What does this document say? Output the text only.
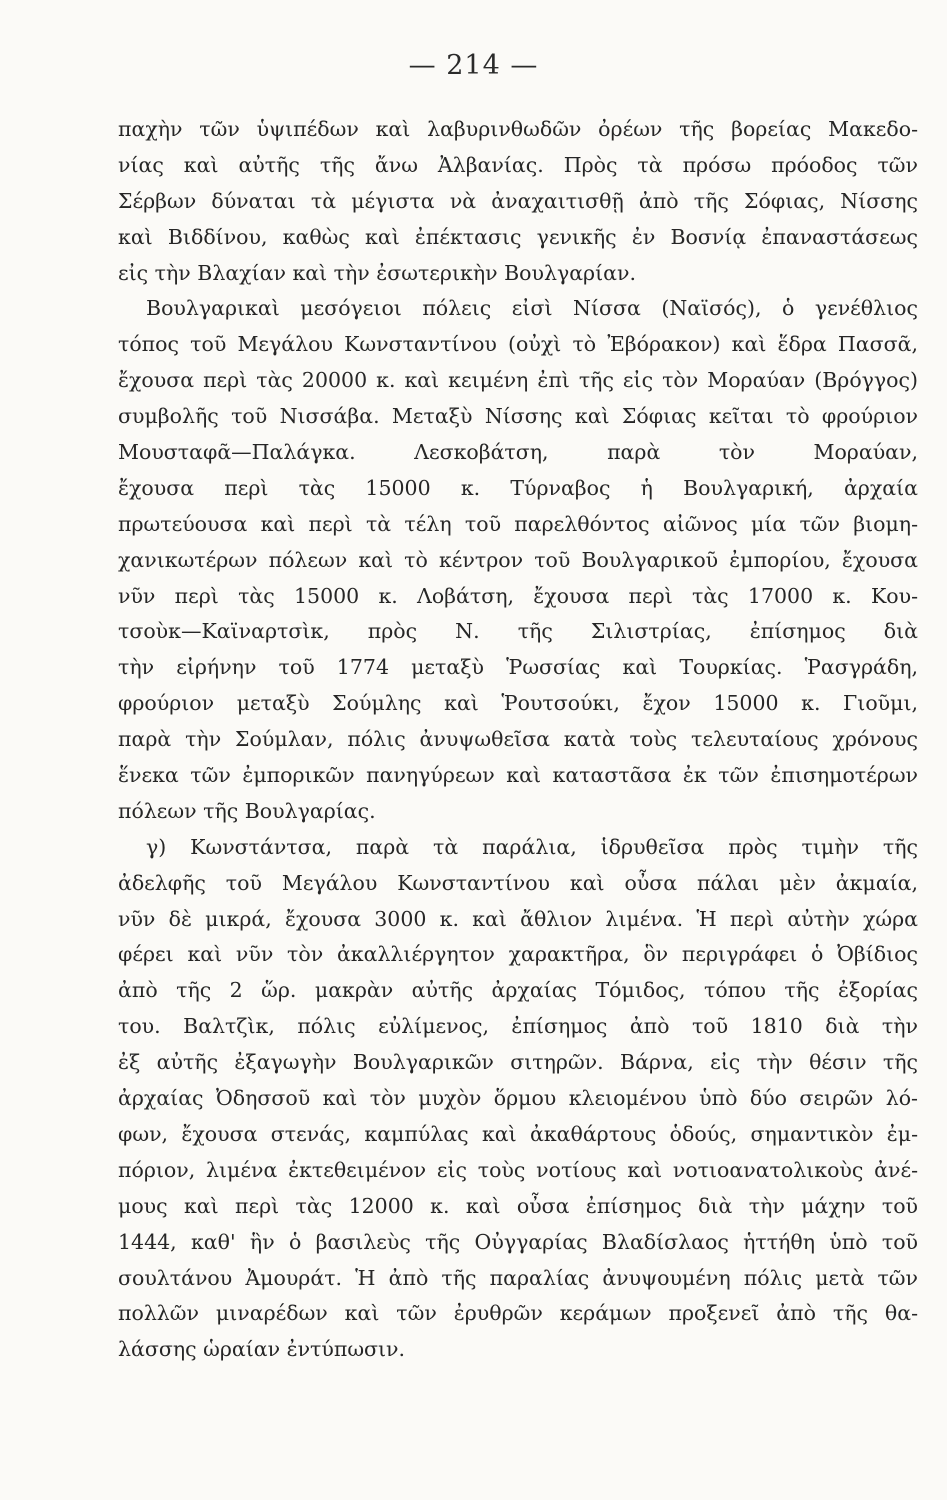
— 214 —
παχὴν τῶν ὑψιπέδων καὶ λαβυρινθωδῶν ὀρέων τῆς βορείας Μακεδο-
νίας καὶ αὐτῆς τῆς ἄνω Ἀλβανίας. Πρὸς τὰ πρόσω πρόοδος τῶν
Σέρβων δύναται τὰ μέγιστα νὰ ἀναχαιτισθῇ ἀπὸ τῆς Σόφιας, Νίσσης
καὶ Βιδδίνου, καθὼς καὶ ἐπέκτασις γενικῆς ἐν Βοσνίᾳ ἐπαναστάσεως
εἰς τὴν Βλαχίαν καὶ τὴν ἐσωτερικὴν Βουλγαρίαν.
Βουλγαρικαὶ μεσόγειοι πόλεις εἰσὶ Νίσσα (Ναϊσός), ὁ γενέθλιος
τόπος τοῦ Μεγάλου Κωνσταντίνου (οὐχὶ τὸ Ἐβόρακον) καὶ ἕδρα Πασσᾶ,
ἔχουσα περὶ τὰς 20000 κ. καὶ κειμένη ἐπὶ τῆς εἰς τὸν Μοραύαν (Βρόγγος)
συμβολῆς τοῦ Νισσάβα. Μεταξὺ Νίσσης καὶ Σόφιας κεῖται τὸ φρούριον
Μουσταφᾶ—Παλάγκα. Λεσκοβάτση, παρὰ τὸν Μοραύαν,
ἔχουσα περὶ τὰς 15000 κ. Τύρναβος ἡ Βουλγαρική, ἀρχαία
πρωτεύουσα καὶ περὶ τὰ τέλη τοῦ παρελθόντος αἰῶνος μία τῶν βιομη-
χανικωτέρων πόλεων καὶ τὸ κέντρον τοῦ Βουλγαρικοῦ ἐμπορίου, ἔχουσα
νῦν περὶ τὰς 15000 κ. Λοβάτση, ἔχουσα περὶ τὰς 17000 κ. Κου-
τσοὺκ—Καϊναρτσὶκ, πρὸς Ν. τῆς Σιλιστρίας, ἐπίσημος διὰ
τὴν εἰρήνην τοῦ 1774 μεταξὺ Ῥωσσίας καὶ Τουρκίας. Ῥασγράδη,
φρούριον μεταξὺ Σούμλης καὶ Ῥουτσούκι, ἔχον 15000 κ. Γιοῦμι,
παρὰ τὴν Σούμλαν, πόλις ἀνυψωθεῖσα κατὰ τοὺς τελευταίους χρόνους
ἕνεκα τῶν ἐμπορικῶν πανηγύρεων καὶ καταστᾶσα ἐκ τῶν ἐπισημοτέρων
πόλεων τῆς Βουλγαρίας.
γ) Κωνστάντσα, παρὰ τὰ παράλια, ἱδρυθεῖσα πρὸς τιμὴν τῆς
ἀδελφῆς τοῦ Μεγάλου Κωνσταντίνου καὶ οὖσα πάλαι μὲν ἀκμαία,
νῦν δὲ μικρά, ἔχουσα 3000 κ. καὶ ἄθλιον λιμένα. Ἡ περὶ αὐτὴν χώρα
φέρει καὶ νῦν τὸν ἀκαλλιέργητον χαρακτῆρα, ὃν περιγράφει ὁ Ὀβίδιος
ἀπὸ τῆς 2 ὥρ. μακρὰν αὐτῆς ἀρχαίας Τόμιδος, τόπου τῆς ἐξορίας
του. Βαλτζὶκ, πόλις εὐλίμενος, ἐπίσημος ἀπὸ τοῦ 1810 διὰ τὴν
ἐξ αὐτῆς ἐξαγωγὴν Βουλγαρικῶν σιτηρῶν. Βάρνα, εἰς τὴν θέσιν τῆς
ἀρχαίας Ὀδησσοῦ καὶ τὸν μυχὸν ὅρμου κλειομένου ὑπὸ δύο σειρῶν λό-
φων, ἔχουσα στενάς, καμπύλας καὶ ἀκαθάρτους ὁδούς, σημαντικὸν ἐμ-
πόριον, λιμένα ἐκτεθειμένον εἰς τοὺς νοτίους καὶ νοτιοανατολικοὺς ἀνέ-
μους καὶ περὶ τὰς 12000 κ. καὶ οὖσα ἐπίσημος διὰ τὴν μάχην τοῦ
1444, καθ' ἣν ὁ βασιλεὺς τῆς Οὐγγαρίας Βλαδίσλαος ἡττήθη ὑπὸ τοῦ
σουλτάνου Ἀμουράτ. Ἡ ἀπὸ τῆς παραλίας ἀνυψουμένη πόλις μετὰ τῶν
πολλῶν μιναρέδων καὶ τῶν ἐρυθρῶν κεράμων προξενεῖ ἀπὸ τῆς θα-
λάσσης ὡραίαν ἐντύπωσιν.
